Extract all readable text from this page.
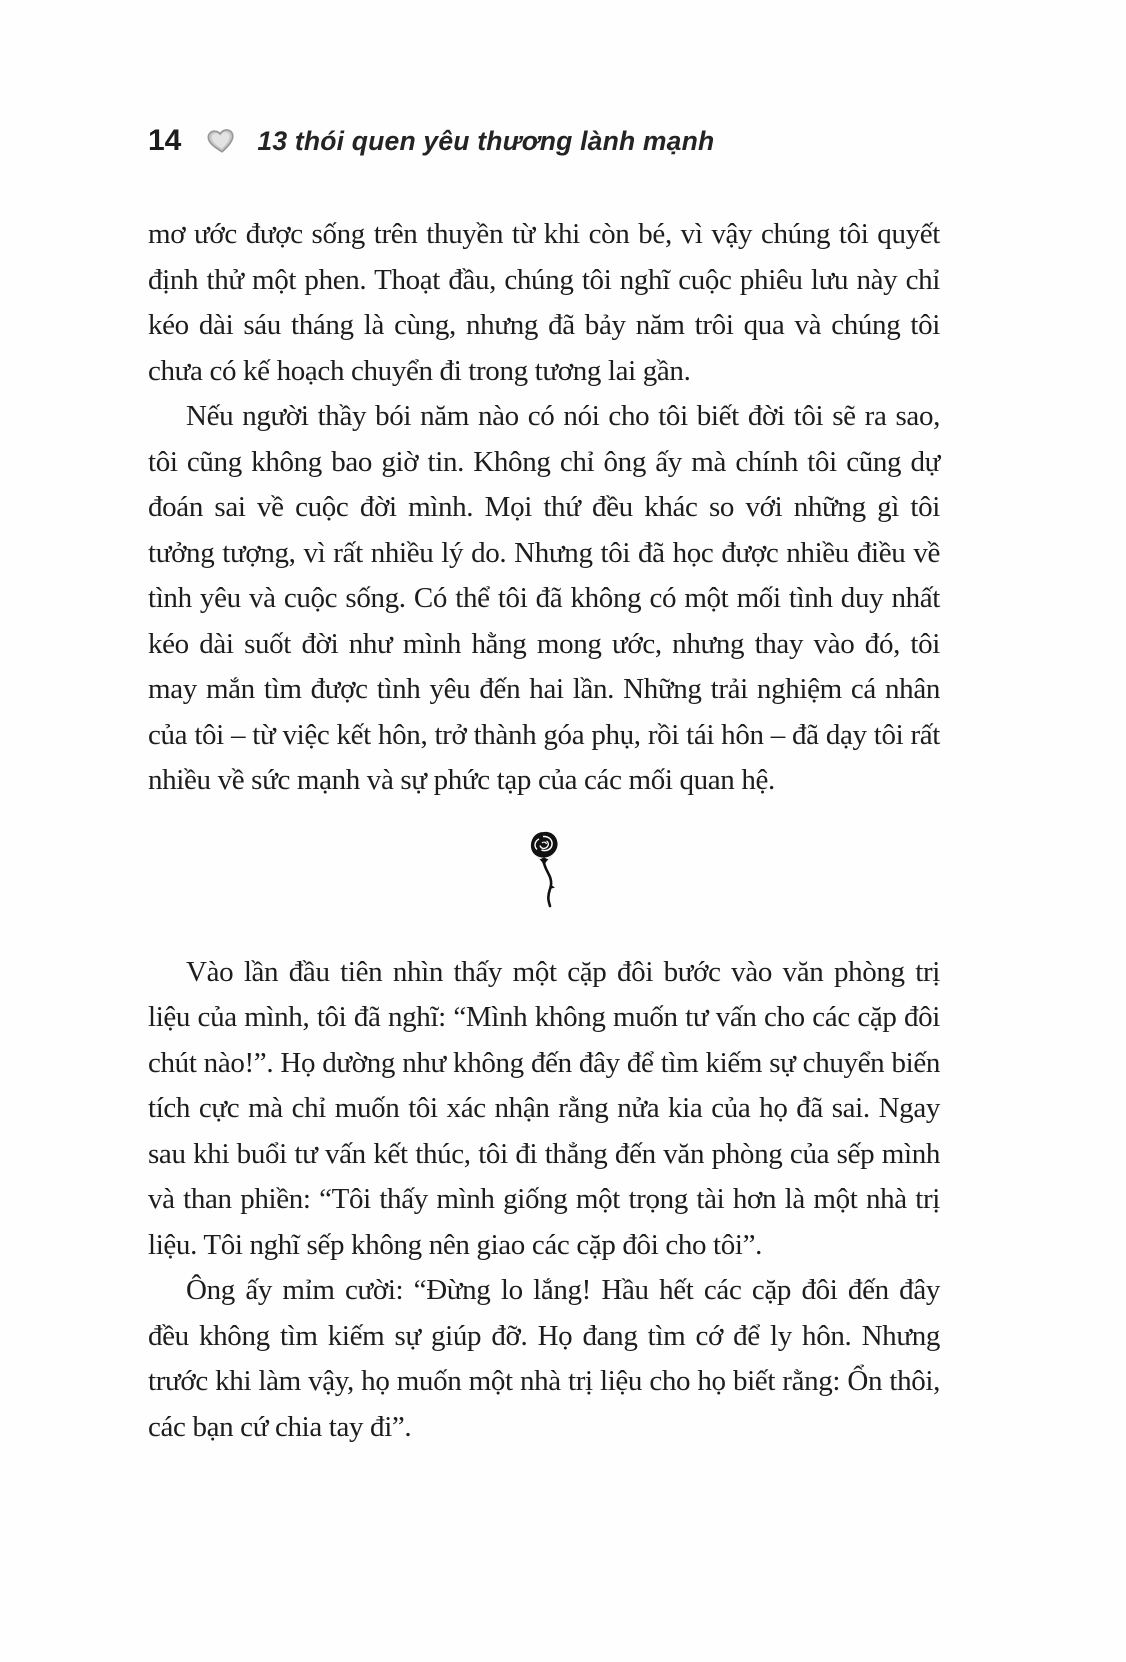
14	13 thói quen yêu thương lành mạnh

mơ ước được sống trên thuyền từ khi còn bé, vì vậy chúng tôi quyết định thử một phen. Thoạt đầu, chúng tôi nghĩ cuộc phiêu lưu này chỉ kéo dài sáu tháng là cùng, nhưng đã bảy năm trôi qua và chúng tôi chưa có kế hoạch chuyển đi trong tương lai gần.

Nếu người thầy bói năm nào có nói cho tôi biết đời tôi sẽ ra sao, tôi cũng không bao giờ tin. Không chỉ ông ấy mà chính tôi cũng dự đoán sai về cuộc đời mình. Mọi thứ đều khác so với những gì tôi tưởng tượng, vì rất nhiều lý do. Nhưng tôi đã học được nhiều điều về tình yêu và cuộc sống. Có thể tôi đã không có một mối tình duy nhất kéo dài suốt đời như mình hằng mong ước, nhưng thay vào đó, tôi may mắn tìm được tình yêu đến hai lần. Những trải nghiệm cá nhân của tôi – từ việc kết hôn, trở thành góa phụ, rồi tái hôn – đã dạy tôi rất nhiều về sức mạnh và sự phức tạp của các mối quan hệ.

Vào lần đầu tiên nhìn thấy một cặp đôi bước vào văn phòng trị liệu của mình, tôi đã nghĩ: “Mình không muốn tư vấn cho các cặp đôi chút nào!”. Họ dường như không đến đây để tìm kiếm sự chuyển biến tích cực mà chỉ muốn tôi xác nhận rằng nửa kia của họ đã sai. Ngay sau khi buổi tư vấn kết thúc, tôi đi thẳng đến văn phòng của sếp mình và than phiền: “Tôi thấy mình giống một trọng tài hơn là một nhà trị liệu. Tôi nghĩ sếp không nên giao các cặp đôi cho tôi”.

Ông ấy mỉm cười: “Đừng lo lắng! Hầu hết các cặp đôi đến đây đều không tìm kiếm sự giúp đỡ. Họ đang tìm cớ để ly hôn. Nhưng trước khi làm vậy, họ muốn một nhà trị liệu cho họ biết rằng: Ổn thôi, các bạn cứ chia tay đi”.
